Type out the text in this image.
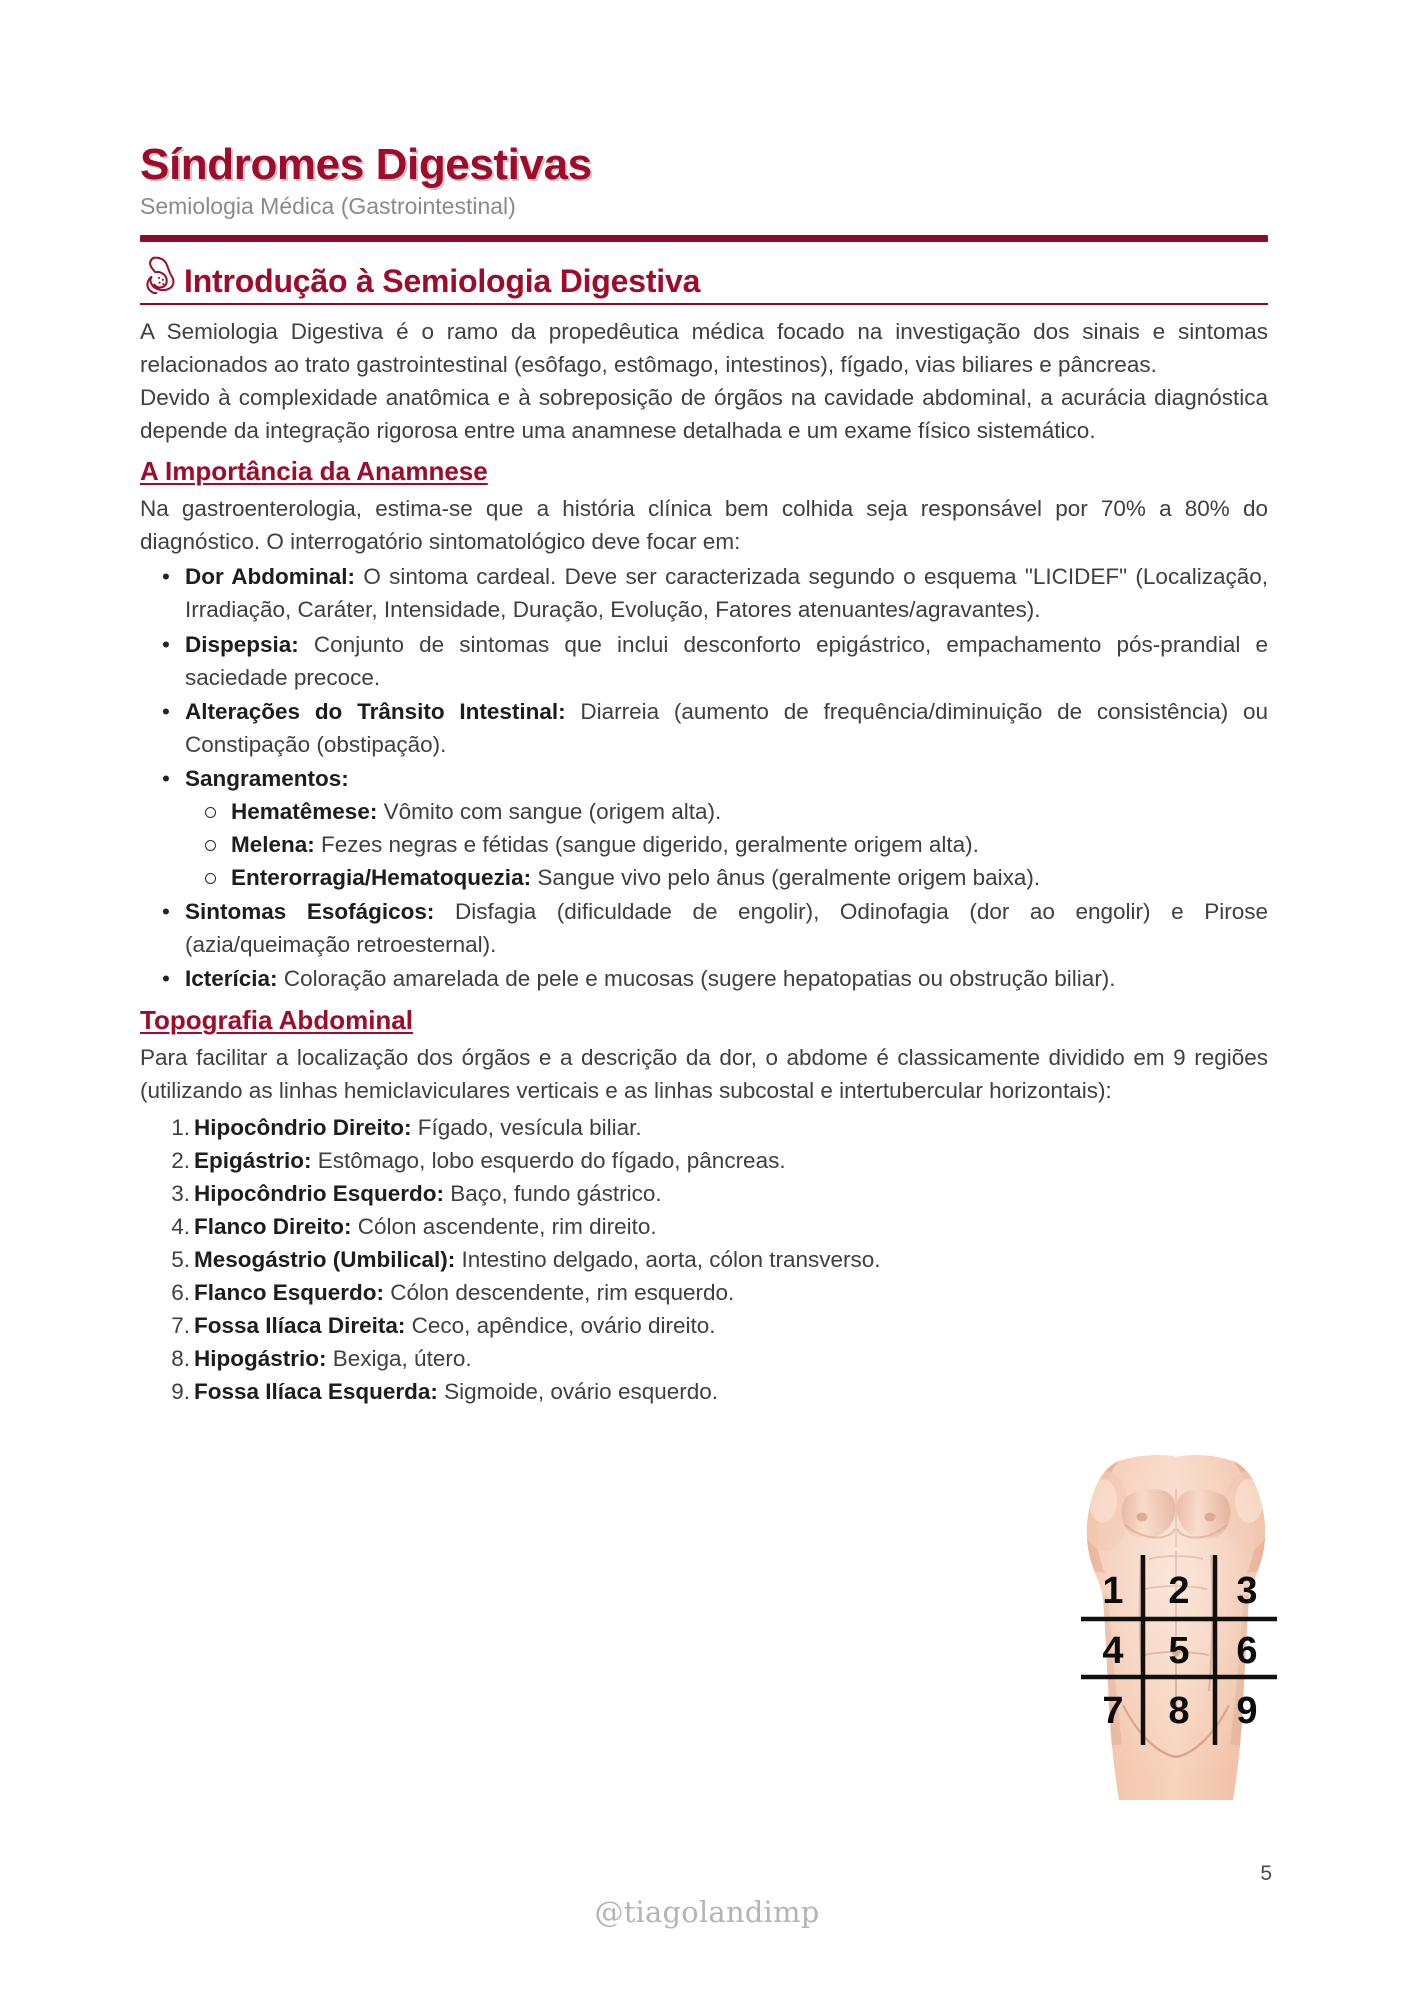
Síndromes Digestivas
Semiologia Médica (Gastrointestinal)
Introdução à Semiologia Digestiva

A Semiologia Digestiva é o ramo da propedêutica médica focado na investigação dos sinais e sintomas relacionados ao trato gastrointestinal (esôfago, estômago, intestinos), fígado, vias biliares e pâncreas.

Devido à complexidade anatômica e à sobreposição de órgãos na cavidade abdominal, a acurácia diagnóstica depende da integração rigorosa entre uma anamnese detalhada e um exame físico sistemático.

A Importância da Anamnese

Na gastroenterologia, estima-se que a história clínica bem colhida seja responsável por 70% a 80% do diagnóstico. O interrogatório sintomatológico deve focar em:

• Dor Abdominal: O sintoma cardeal. Deve ser caracterizada segundo o esquema "LICIDEF" (Localização, Irradiação, Caráter, Intensidade, Duração, Evolução, Fatores atenuantes/agravantes).
• Dispepsia: Conjunto de sintomas que inclui desconforto epigástrico, empachamento pós-prandial e saciedade precoce.
• Alterações do Trânsito Intestinal: Diarreia (aumento de frequência/diminuição de consistência) ou Constipação (obstipação).
• Sangramentos:
Hematêmese: Vômito com sangue (origem alta).
Melena: Fezes negras e fétidas (sangue digerido, geralmente origem alta).
Enterorragia/Hematoquezia: Sangue vivo pelo ânus (geralmente origem baixa).
• Sintomas Esofágicos: Disfagia (dificuldade de engolir), Odinofagia (dor ao engolir) e Pirose (azia/queimação retroesternal).
• Icterícia: Coloração amarelada de pele e mucosas (sugere hepatopatias ou obstrução biliar).
Topografia Abdominal

Para facilitar a localização dos órgãos e a descrição da dor, o abdome é classicamente dividido em 9 regiões (utilizando as linhas hemiclaviculares verticais e as linhas subcostal e intertubercular horizontais):

Hipocôndrio Direito: Fígado, vesícula biliar.
Epigástrio: Estômago, lobo esquerdo do fígado, pâncreas.
Hipocôndrio Esquerdo: Baço, fundo gástrico.
Flanco Direito: Cólon ascendente, rim direito.
Mesogástrio (Umbilical): Intestino delgado, aorta, cólon transverso.
Flanco Esquerdo: Cólon descendente, rim esquerdo.
Fossa Ilíaca Direita: Ceco, apêndice, ovário direito.
Hipogástrio: Bexiga, útero.
Fossa Ilíaca Esquerda: Sigmoide, ovário esquerdo.
1 2 3
4 5 6
7 8 9
5
@tiagolandimp
